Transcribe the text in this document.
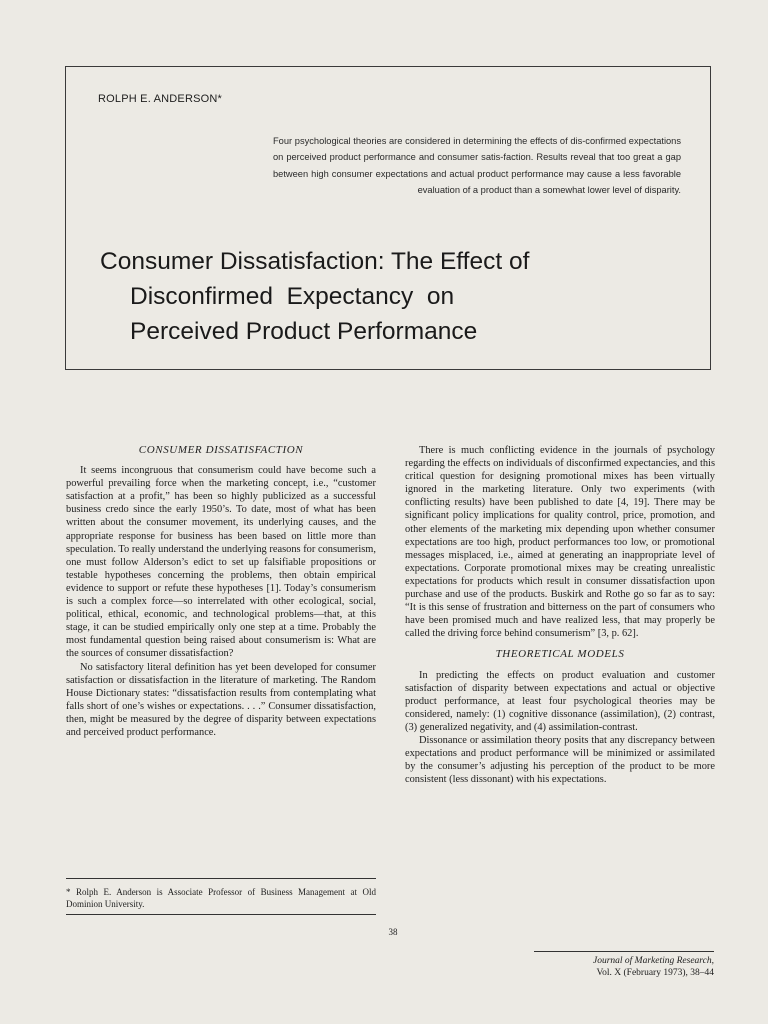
ROLPH E. ANDERSON*
Four psychological theories are considered in determining the effects of dis-confirmed expectations on perceived product performance and consumer satis-faction. Results reveal that too great a gap between high consumer expectations and actual product performance may cause a less favorable evaluation of a product than a somewhat lower level of disparity.
Consumer Dissatisfaction: The Effect of
Disconfirmed  Expectancy  on
Perceived Product Performance
CONSUMER DISSATISFACTION

It seems incongruous that consumerism could have become such a powerful prevailing force when the marketing concept, i.e., “customer satisfaction at a profit,” has been so highly publicized as a successful business credo since the early 1950’s. To date, most of what has been written about the consumer movement, its underlying causes, and the appropriate response for business has been based on little more than speculation. To really understand the underlying reasons for consumerism, one must follow Alderson’s edict to set up falsifiable propositions or testable hypotheses concerning the problems, then obtain empirical evidence to support or refute these hypotheses [1]. Today’s consumerism is such a complex force—so interrelated with other ecological, social, political, ethical, economic, and technological problems—that, at this stage, it can be studied empirically only one step at a time. Probably the most fundamental question being raised about consumerism is: What are the sources of consumer dissatisfaction?

No satisfactory literal definition has yet been developed for consumer satisfaction or dissatisfaction in the literature of marketing. The Random House Dictionary states: “dissatisfaction results from contemplating what falls short of one’s wishes or expectations. . . .” Consumer dissatisfaction, then, might be measured by the degree of disparity between expectations and perceived product performance.

There is much conflicting evidence in the journals of psychology regarding the effects on individuals of disconfirmed expectancies, and this critical question for designing promotional mixes has been virtually ignored in the marketing literature. Only two experiments (with conflicting results) have been published to date [4, 19]. There may be significant policy implications for quality control, price, promotion, and other elements of the marketing mix depending upon whether consumer expectations are too high, product performances too low, or promotional messages misplaced, i.e., aimed at generating an inappropriate level of expectations. Corporate promotional mixes may be creating unrealistic expectations for products which result in consumer dissatisfaction upon purchase and use of the products. Buskirk and Rothe go so far as to say: “It is this sense of frustration and bitterness on the part of consumers who have been promised much and have realized less, that may properly be called the driving force behind consumerism” [3, p. 62].

THEORETICAL MODELS

In predicting the effects on product evaluation and customer satisfaction of disparity between expectations and actual or objective product performance, at least four psychological theories may be considered, namely: (1) cognitive dissonance (assimilation), (2) contrast, (3) generalized negativity, and (4) assimilation-contrast.

Dissonance or assimilation theory posits that any discrepancy between expectations and product performance will be minimized or assimilated by the consumer’s adjusting his perception of the product to be more consistent (less dissonant) with his expectations.

* Rolph E. Anderson is Associate Professor of Business Management at Old Dominion University.
38
Journal of Marketing Research,
Vol. X (February 1973), 38–44
